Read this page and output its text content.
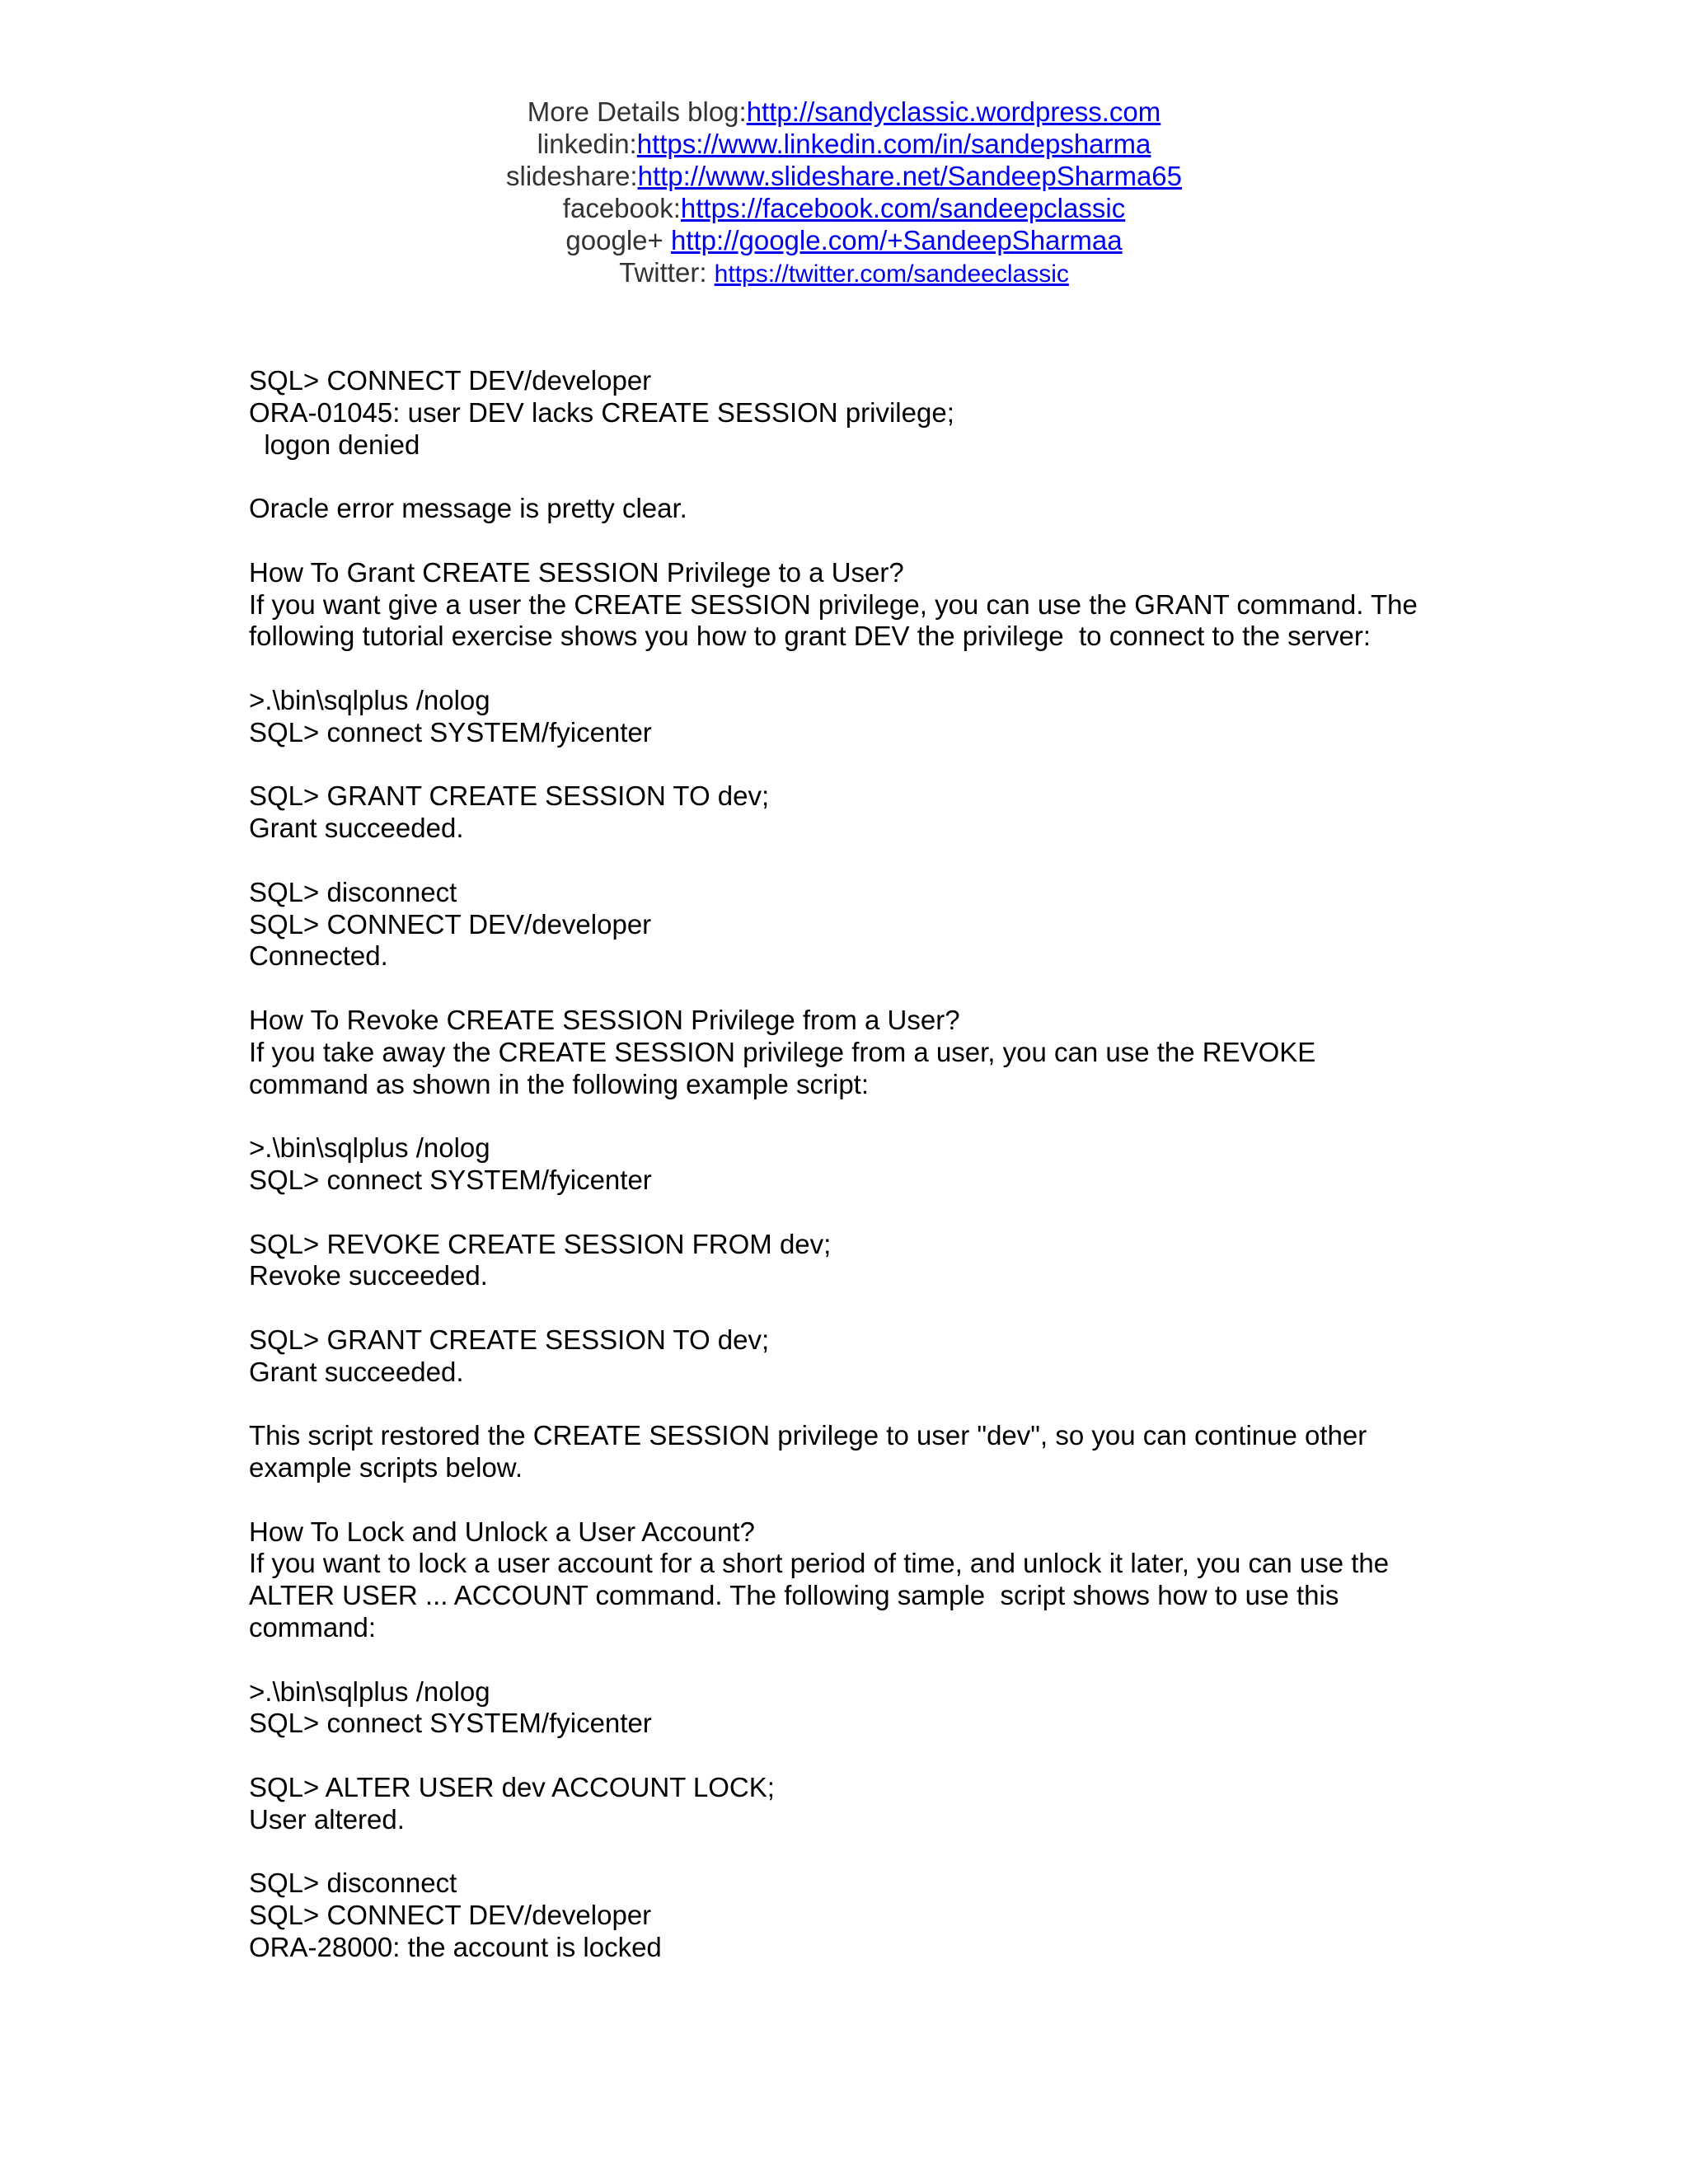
More Details blog:http://sandyclassic.wordpress.com
linkedin:https://www.linkedin.com/in/sandepsharma
slideshare:http://www.slideshare.net/SandeepSharma65
facebook:https://facebook.com/sandeepclassic
google+ http://google.com/+SandeepSharmaa
Twitter: https://twitter.com/sandeeclassic
SQL> CONNECT DEV/developer
ORA-01045: user DEV lacks CREATE SESSION privilege;
logon denied
Oracle error message is pretty clear.
How To Grant CREATE SESSION Privilege to a User?
If you want give a user the CREATE SESSION privilege, you can use the GRANT command. The
following tutorial exercise shows you how to grant DEV the privilege  to connect to the server:
>.\bin\sqlplus /nolog
SQL> connect SYSTEM/fyicenter
SQL> GRANT CREATE SESSION TO dev;
Grant succeeded.
SQL> disconnect
SQL> CONNECT DEV/developer
Connected.
How To Revoke CREATE SESSION Privilege from a User?
If you take away the CREATE SESSION privilege from a user, you can use the REVOKE
command as shown in the following example script:
>.\bin\sqlplus /nolog
SQL> connect SYSTEM/fyicenter
SQL> REVOKE CREATE SESSION FROM dev;
Revoke succeeded.
SQL> GRANT CREATE SESSION TO dev;
Grant succeeded.
This script restored the CREATE SESSION privilege to user "dev", so you can continue other
example scripts below.
How To Lock and Unlock a User Account?
If you want to lock a user account for a short period of time, and unlock it later, you can use the
ALTER USER ... ACCOUNT command. The following sample  script shows how to use this
command:
>.\bin\sqlplus /nolog
SQL> connect SYSTEM/fyicenter
SQL> ALTER USER dev ACCOUNT LOCK;
User altered.
SQL> disconnect
SQL> CONNECT DEV/developer
ORA-28000: the account is locked
